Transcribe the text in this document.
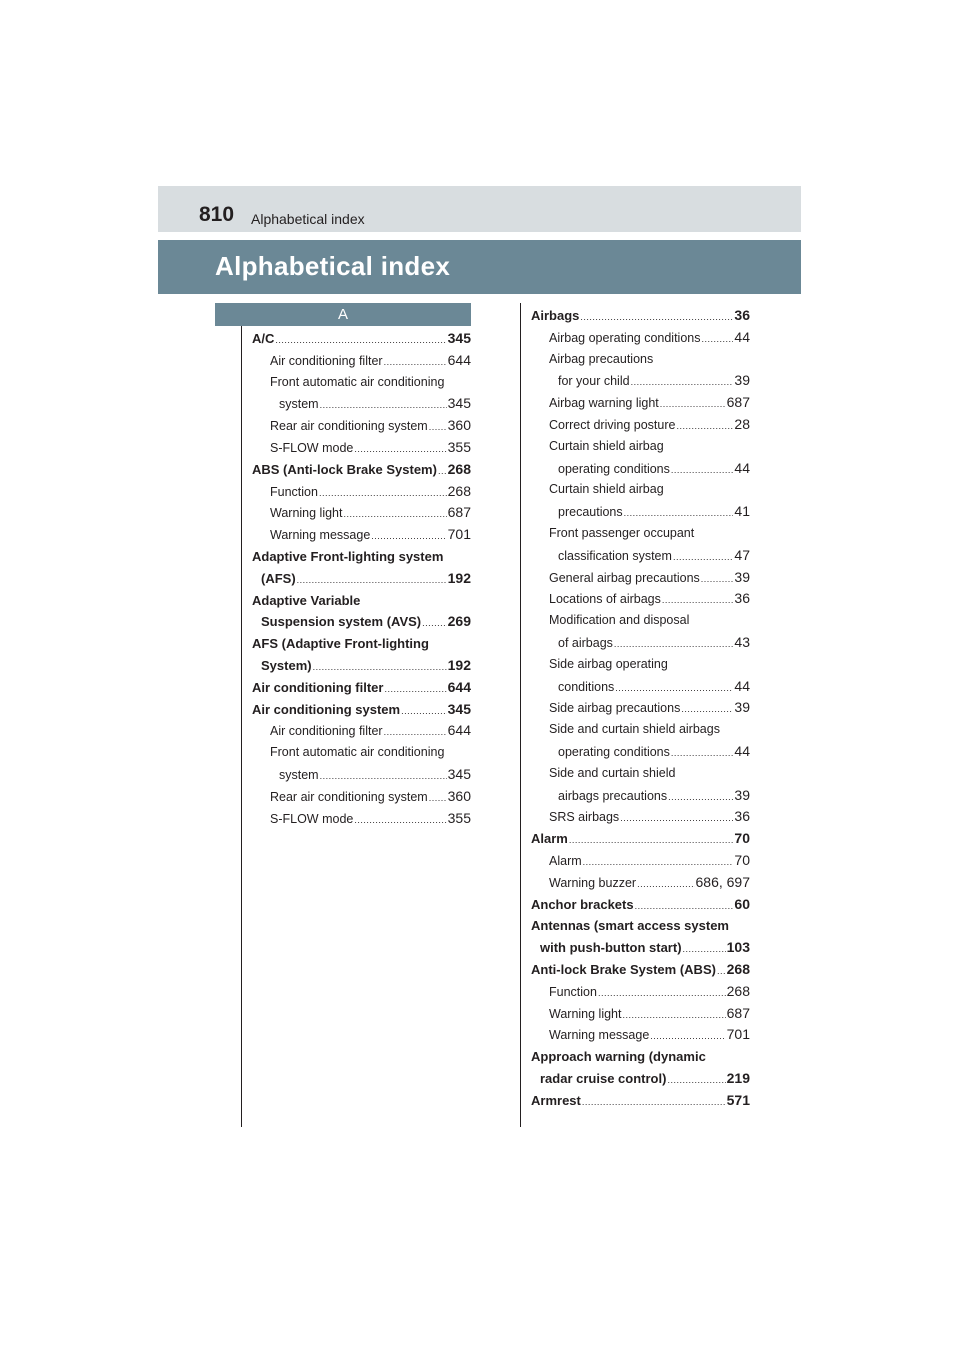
810 Alphabetical index
Alphabetical index
A
A/C .....	345
Air conditioning filter .....	644
Front automatic air conditioning
system .....	345
Rear air conditioning system ..... 360
S-FLOW mode .....	355
ABS (Anti-lock Brake System) ..... 268
Function .....	268
Warning light .....	687
Warning message .....	701
Adaptive Front-lighting system
(AFS) .....	192
Adaptive Variable
Suspension system (AVS) ..... 269
AFS (Adaptive Front-lighting
System) .....	192
Air conditioning filter .....	644
Air conditioning system .....	345
Air conditioning filter .....	644
Front automatic air conditioning
system .....	345
Rear air conditioning system ..... 360
S-FLOW mode .....	355
Airbags .....	36
Airbag operating conditions ..... 44
Airbag precautions
for your child .....	39
Airbag warning light .....	687
Correct driving posture .....	28
Curtain shield airbag
operating conditions .....	44
Curtain shield airbag
precautions .....	41
Front passenger occupant
classification system .....	47
General airbag precautions ..... 39
Locations of airbags .....	36
Modification and disposal
of airbags .....	43
Side airbag operating
conditions .....	44
Side airbag precautions .....	39
Side and curtain shield airbags
operating conditions .....	44
Side and curtain shield
airbags precautions .....	39
SRS airbags .....	36
Alarm .....	70
Alarm .....	70
Warning buzzer .....	686, 697
Anchor brackets .....	60
Antennas (smart access system
with push-button start) .....	103
Anti-lock Brake System (ABS) ..... 268
Function .....	268
Warning light .....	687
Warning message .....	701
Approach warning (dynamic
radar cruise control) .....	219
Armrest .....	571
